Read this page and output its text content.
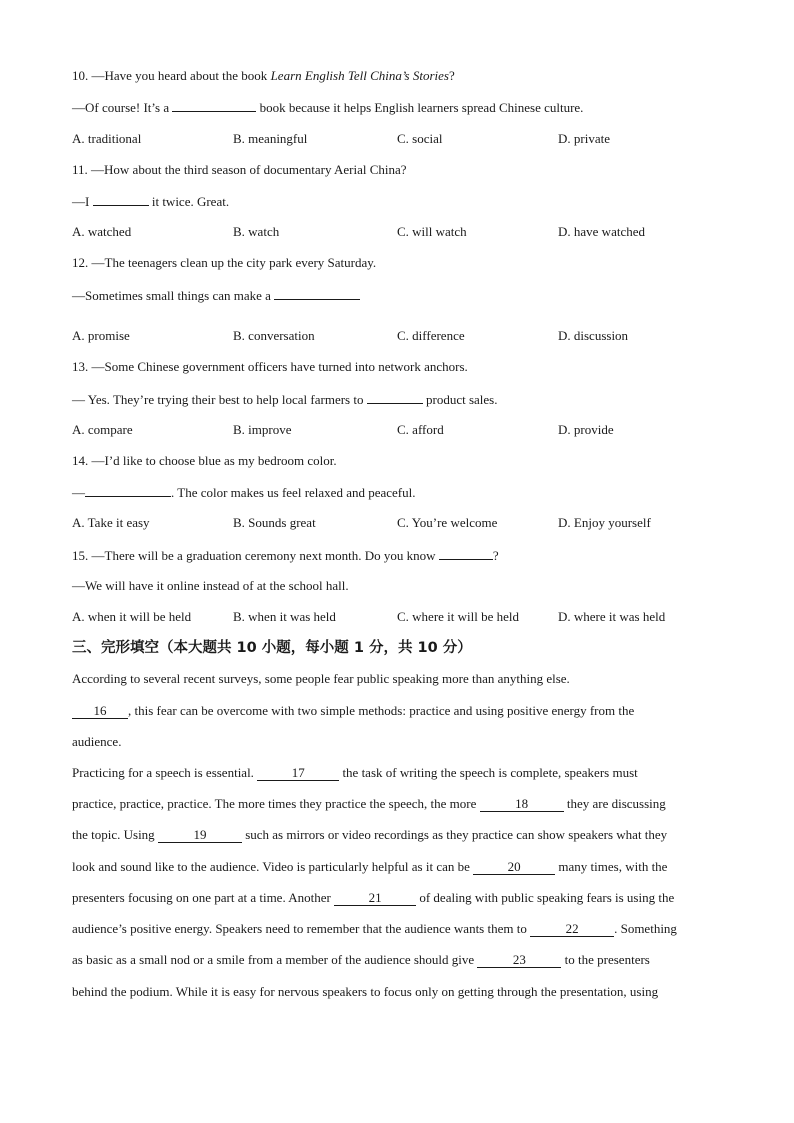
10. —Have you heard about the book Learn English Tell China’s Stories?
—Of course! It’s a	book because it helps English learners spread Chinese culture.
A. traditional	B. meaningful	C. social	D. private
11. —How about the third season of documentary Aerial China?
—I	it twice. Great.
A. watched	B. watch	C. will watch	D. have watched
12. —The teenagers clean up the city park every Saturday.
—Sometimes small things can make a
A. promise	B. conversation	C. difference	D. discussion
13. —Some Chinese government officers have turned into network anchors.
— Yes. They’re trying their best to help local farmers to	product sales.
A. compare	B. improve	C. afford	D. provide
14. —I’d like to choose blue as my bedroom color.
—	. The color makes us feel relaxed and peaceful.
A. Take it easy	B. Sounds great	C. You’re welcome	D. Enjoy yourself
15. —There will be a graduation ceremony next month. Do you know	?
—We will have it online instead of at the school hall.
A. when it will be held	B. when it was held	C. where it will be held	D. where it was held
三、完形填空（本大题共 10 小题，每小题 1 分，共 10 分）
According to several recent surveys, some people fear public speaking more than anything else.
16 , this fear can be overcome with two simple methods: practice and using positive energy from the
audience.
Practicing for a speech is essential.	17	the task of writing the speech is complete, speakers must
practice, practice, practice. The more times they practice the speech, the more	18	they are discussing
the topic. Using	19	such as mirrors or video recordings as they practice can show speakers what they
look and sound like to the audience. Video is particularly helpful as it can be	20	many times, with the
presenters focusing on one part at a time. Another	21	of dealing with public speaking fears is using the
audience’s positive energy. Speakers need to remember that the audience wants them to	22	. Something
as basic as a small nod or a smile from a member of the audience should give	23	to the presenters
behind the podium. While it is easy for nervous speakers to focus only on getting through the presentation, using
